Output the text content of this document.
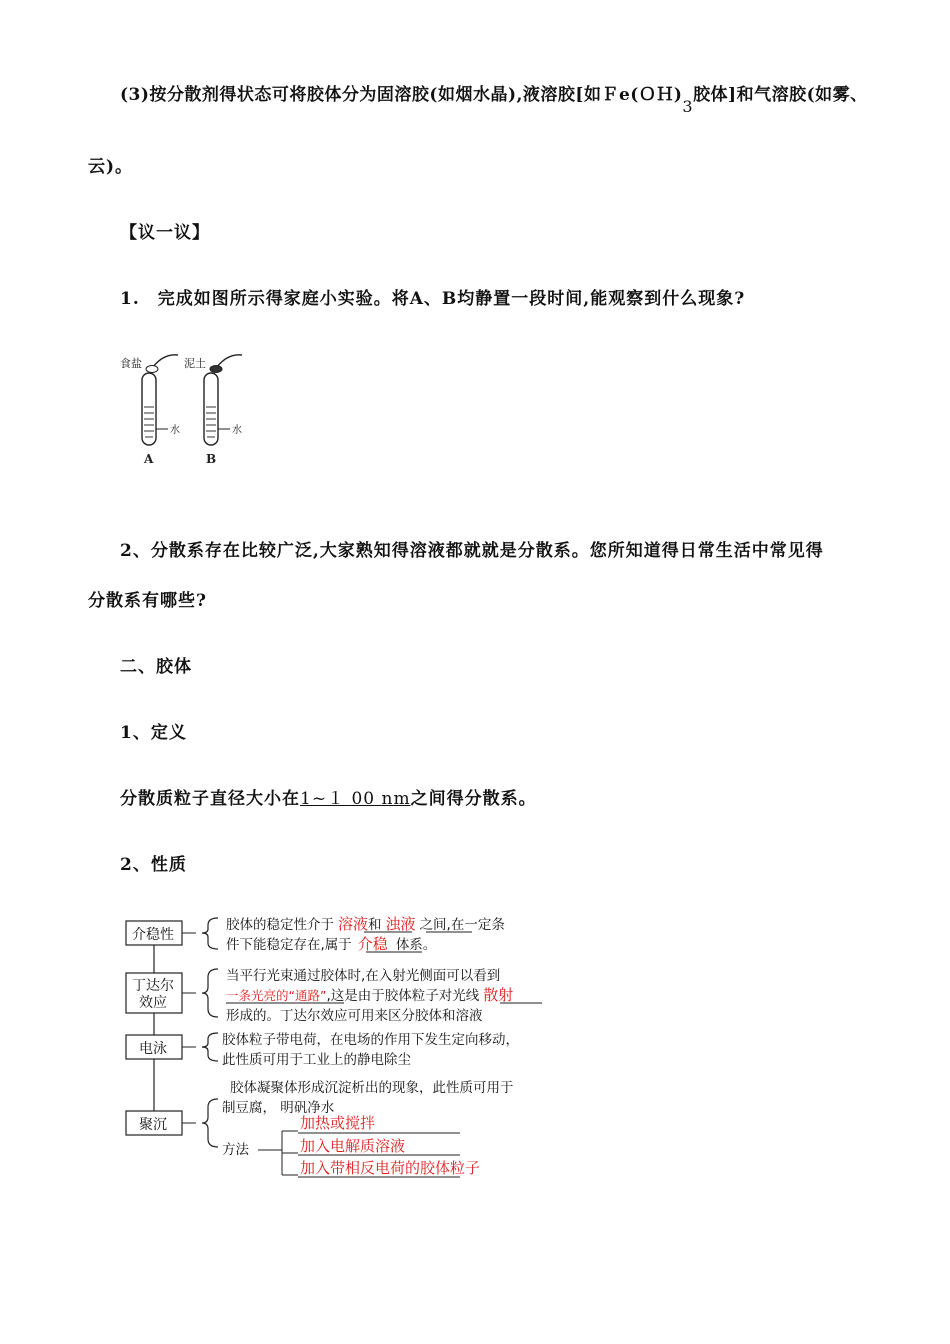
(3)按分散剂得状态可将胶体分为固溶胶(如烟水晶),液溶胶[如Ｆe(ＯＨ)3胶体]和气溶胶(如雾、
云)。
【议一议】
1.　完成如图所示得家庭小实验。将A、B均静置一段时间,能观察到什么现象?
食盐
水
A
泥土
水
B
2、分散系存在比较广泛,大家熟知得溶液都就就是分散系。您所知道得日常生活中常见得
分散系有哪些?
二、胶体
1、定义
分散质粒子直径大小在1~１ 00 nm之间得分散系。
2、性质
介稳性
胶体的稳定性介于 溶液和 浊液 之间,在一定条
件下能稳定存在,属于 介稳 体系。
丁达尔
效应
当平行光束通过胶体时,在入射光侧面可以看到
一条光亮的“通路”,这是由于胶体粒子对光线 散射
形成的。丁达尔效应可用来区分胶体和溶液
电泳
胶体粒子带电荷，在电场的作用下发生定向移动，
此性质可用于工业上的静电除尘
胶体凝聚体形成沉淀析出的现象，此性质可用于
聚沉
制豆腐， 明矾净水
方法
加热或搅拌
加入电解质溶液
加入带相反电荷的胶体粒子
